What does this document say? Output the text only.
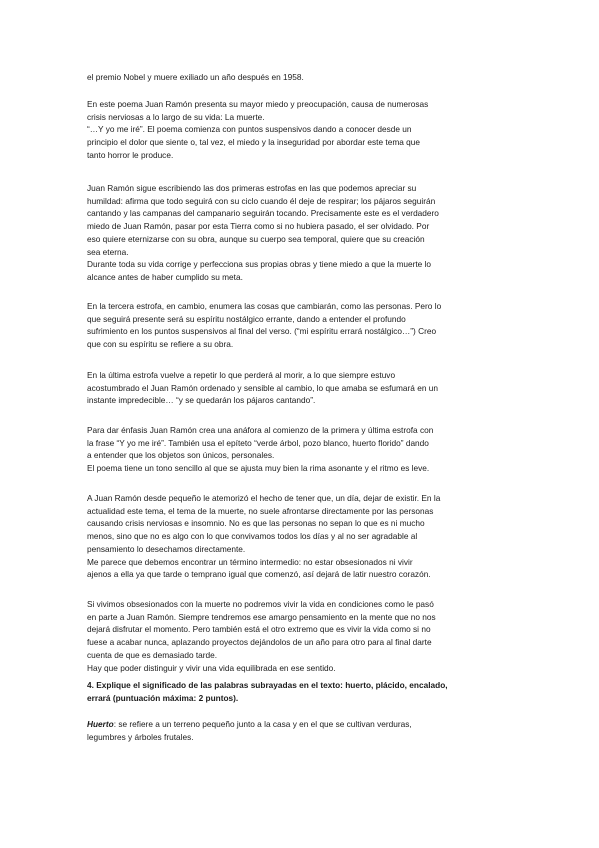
el premio Nobel y muere exiliado un año después en 1958.

En este poema Juan Ramón presenta su mayor miedo y preocupación, causa de numerosas
crisis nerviosas a lo largo de su vida: La muerte.
“…Y yo me iré”. El poema comienza con puntos suspensivos dando a conocer desde un
principio el dolor que siente o, tal vez, el miedo y la inseguridad por abordar este tema que
tanto horror le produce.

Juan Ramón sigue escribiendo las dos primeras estrofas en las que podemos apreciar su
humildad: afirma que todo seguirá con su ciclo cuando él deje de respirar; los pájaros seguirán
cantando y las campanas del campanario seguirán tocando. Precisamente este es el verdadero
miedo de Juan Ramón, pasar por esta Tierra como si no hubiera pasado, el ser olvidado. Por
eso quiere eternizarse con su obra, aunque su cuerpo sea temporal, quiere que su creación
sea eterna.
Durante toda su vida corrige y perfecciona sus propias obras y tiene miedo a que la muerte lo
alcance antes de haber cumplido su meta.

En la tercera estrofa, en cambio, enumera las cosas que cambiarán, como las personas. Pero lo
que seguirá presente será su espíritu nostálgico errante, dando a entender el profundo
sufrimiento en los puntos suspensivos al final del verso. (“mi espíritu errará nostálgico…”) Creo
que con su espíritu se refiere a su obra.

En la última estrofa vuelve a repetir lo que perderá al morir, a lo que siempre estuvo
acostumbrado el Juan Ramón ordenado y sensible al cambio, lo que amaba se esfumará en un
instante impredecible… “y se quedarán los pájaros cantando”.

Para dar énfasis Juan Ramón crea una anáfora al comienzo de la primera y última estrofa con
la frase “Y yo me iré”. También usa el epíteto “verde árbol, pozo blanco, huerto florido” dando
a entender que los objetos son únicos, personales.
El poema tiene un tono sencillo al que se ajusta muy bien la rima asonante y el ritmo es leve.

A Juan Ramón desde pequeño le atemorizó el hecho de tener que, un día, dejar de existir. En la
actualidad este tema, el tema de la muerte, no suele afrontarse directamente por las personas
causando crisis nerviosas e insomnio. No es que las personas no sepan lo que es ni mucho
menos, sino que no es algo con lo que convivamos todos los días y al no ser agradable al
pensamiento lo desechamos directamente.
Me parece que debemos encontrar un término intermedio: no estar obsesionados ni vivir
ajenos a ella ya que tarde o temprano igual que comenzó, así dejará de latir nuestro corazón.

Si vivimos obsesionados con la muerte no podremos vivir la vida en condiciones como le pasó
en parte a Juan Ramón. Siempre tendremos ese amargo pensamiento en la mente que no nos
dejará disfrutar el momento. Pero también está el otro extremo que es vivir la vida como si no
fuese a acabar nunca, aplazando proyectos dejándolos de un año para otro para al final darte
cuenta de que es demasiado tarde.
Hay que poder distinguir y vivir una vida equilibrada en ese sentido.

4. Explique el significado de las palabras subrayadas en el texto: huerto, plácido, encalado,
errará (puntuación máxima: 2 puntos).

Huerto: se refiere a un terreno pequeño junto a la casa y en el que se cultivan verduras,
legumbres y árboles frutales.
